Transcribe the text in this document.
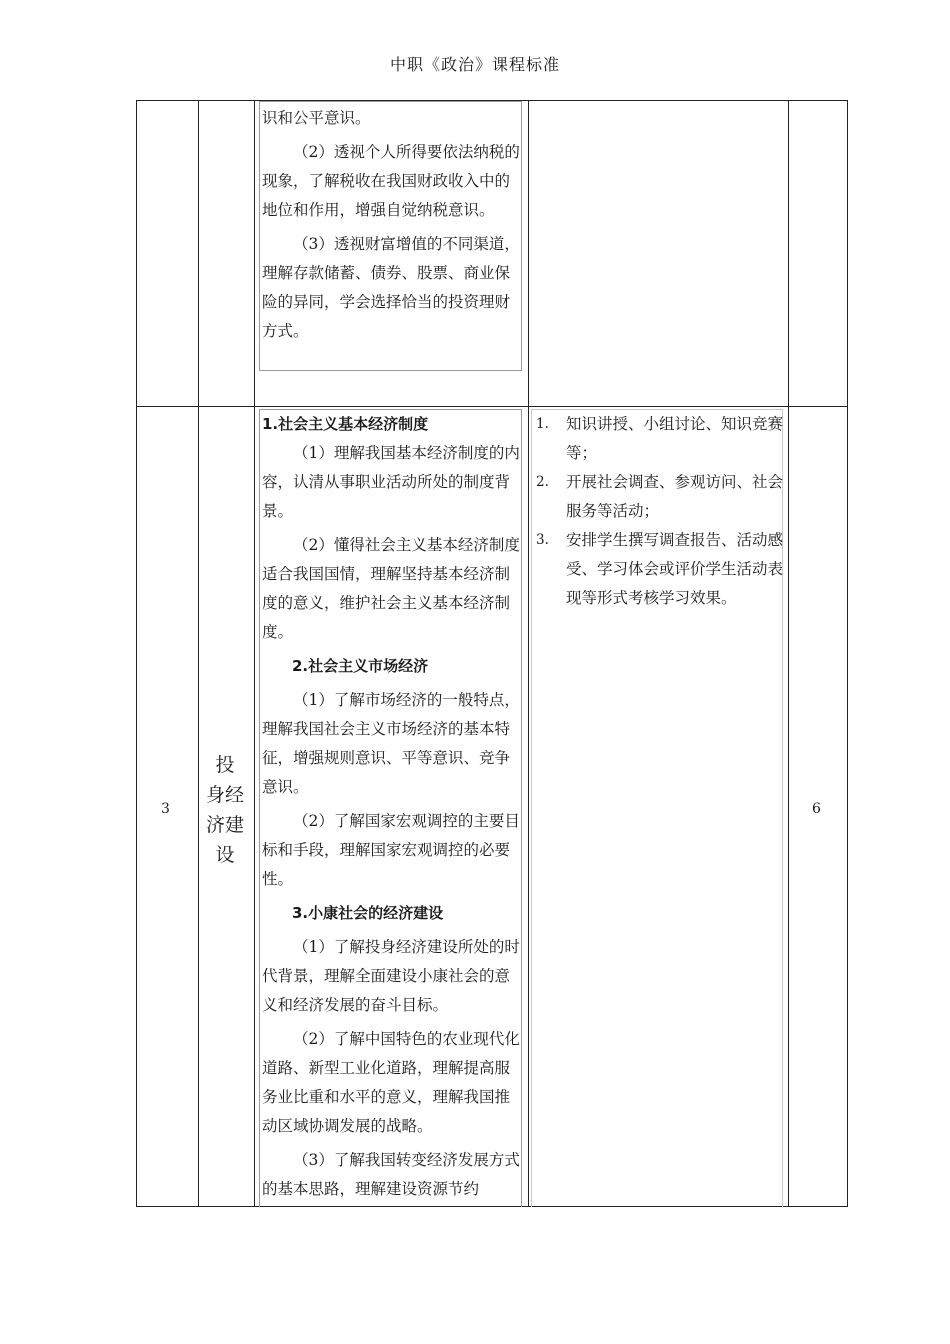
中职《政治》课程标准

识和公平意识。

（2）透视个人所得要依法纳税的现象，了解税收在我国财政收入中的地位和作用，增强自觉纳税意识。

（3）透视财富增值的不同渠道，理解存款储蓄、债券、股票、商业保险的异同，学会选择恰当的投资理财方式。

3
投
身经
济建
设

1.社会主义基本经济制度

（1）理解我国基本经济制度的内容，认清从事职业活动所处的制度背景。

（2）懂得社会主义基本经济制度适合我国国情，理解坚持基本经济制度的意义，维护社会主义基本经济制度。

2.社会主义市场经济

（1）了解市场经济的一般特点，理解我国社会主义市场经济的基本特征，增强规则意识、平等意识、竞争意识。

（2）了解国家宏观调控的主要目标和手段，理解国家宏观调控的必要性。

3.小康社会的经济建设

（1）了解投身经济建设所处的时代背景，理解全面建设小康社会的意义和经济发展的奋斗目标。

（2）了解中国特色的农业现代化道路、新型工业化道路，理解提高服务业比重和水平的意义，理解我国推动区域协调发展的战略。

（3）了解我国转变经济发展方式的基本思路，理解建设资源节约

1. 知识讲授、小组讨论、知识竞赛等；
2. 开展社会调查、参观访问、社会服务等活动；
3. 安排学生撰写调查报告、活动感受、学习体会或评价学生活动表现等形式考核学习效果。
6
